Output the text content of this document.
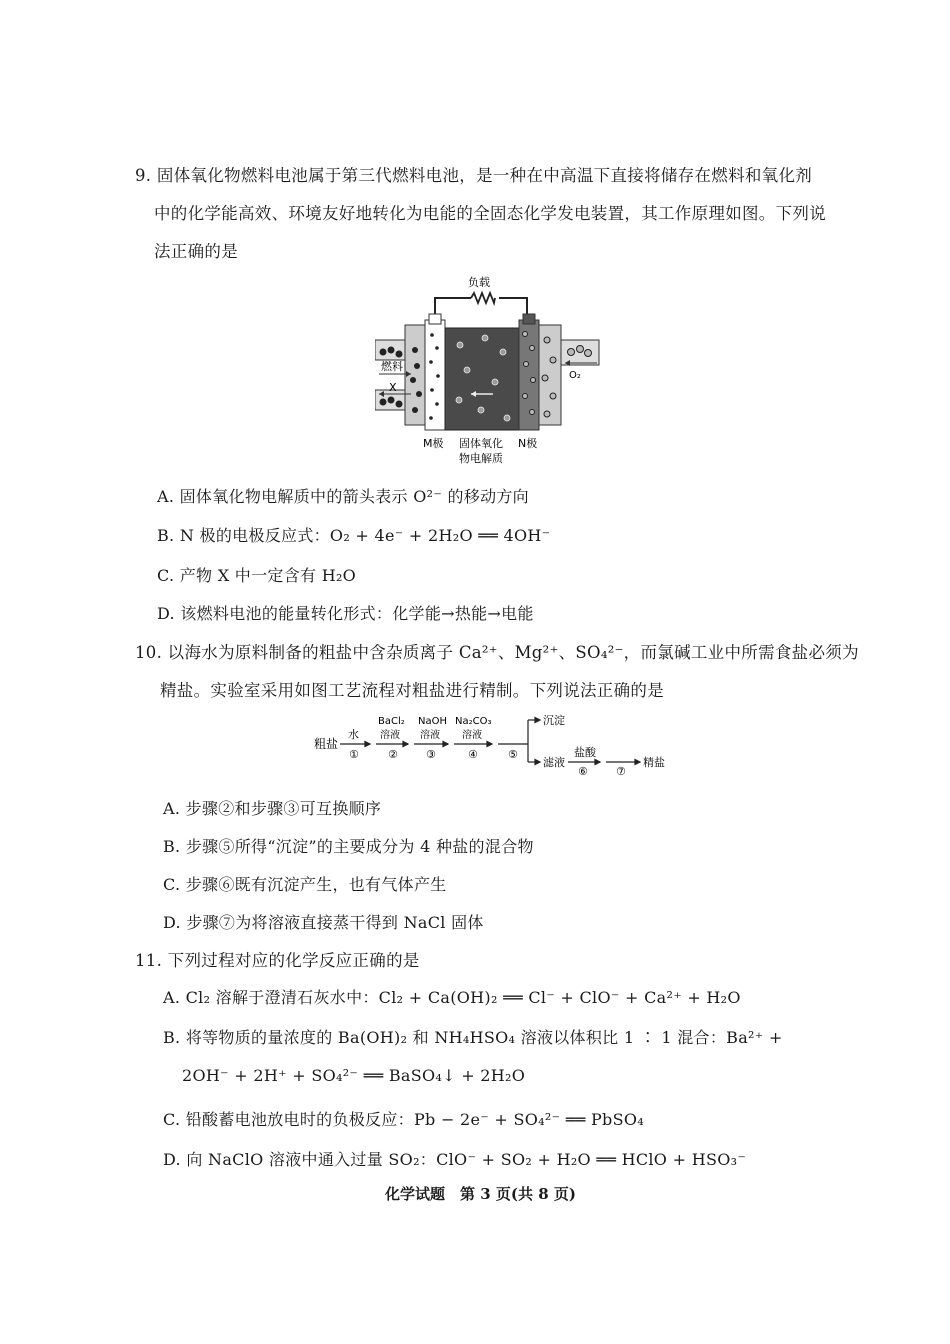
9. 固体氧化物燃料电池属于第三代燃料电池，是一种在中高温下直接将储存在燃料和氧化剂
中的化学能高效、环境友好地转化为电能的全固态化学发电装置，其工作原理如图。下列说
法正确的是
负载
燃料
X
O₂
M极 固体氧化
物电解质
N极
A. 固体氧化物电解质中的箭头表示 O²⁻ 的移动方向
B. N 极的电极反应式：O₂ + 4e⁻ + 2H₂O ══ 4OH⁻
C. 产物 X 中一定含有 H₂O
D. 该燃料电池的能量转化形式：化学能→热能→电能
10. 以海水为原料制备的粗盐中含杂质离子 Ca²⁺、Mg²⁺、SO₄²⁻，而氯碱工业中所需食盐必须为
精盐。实验室采用如图工艺流程对粗盐进行精制。下列说法正确的是
粗盐
水
①
BaCl₂
溶液
②
NaOH
溶液
③
Na₂CO₃
溶液
④	⑤
沉淀
滤液
盐酸
⑥	⑦
精盐
A. 步骤②和步骤③可互换顺序
B. 步骤⑤所得“沉淀”的主要成分为 4 种盐的混合物
C. 步骤⑥既有沉淀产生，也有气体产生
D. 步骤⑦为将溶液直接蒸干得到 NaCl 固体
11. 下列过程对应的化学反应正确的是
A. Cl₂ 溶解于澄清石灰水中：Cl₂ + Ca(OH)₂ ══ Cl⁻ + ClO⁻ + Ca²⁺ + H₂O
B. 将等物质的量浓度的 Ba(OH)₂ 和 NH₄HSO₄ 溶液以体积比 1 ∶ 1 混合：Ba²⁺ +
2OH⁻ + 2H⁺ + SO₄²⁻ ══ BaSO₄↓ + 2H₂O
C. 铅酸蓄电池放电时的负极反应：Pb − 2e⁻ + SO₄²⁻ ══ PbSO₄
D. 向 NaClO 溶液中通入过量 SO₂：ClO⁻ + SO₂ + H₂O ══ HClO + HSO₃⁻
化学试题　第 3 页(共 8 页)
